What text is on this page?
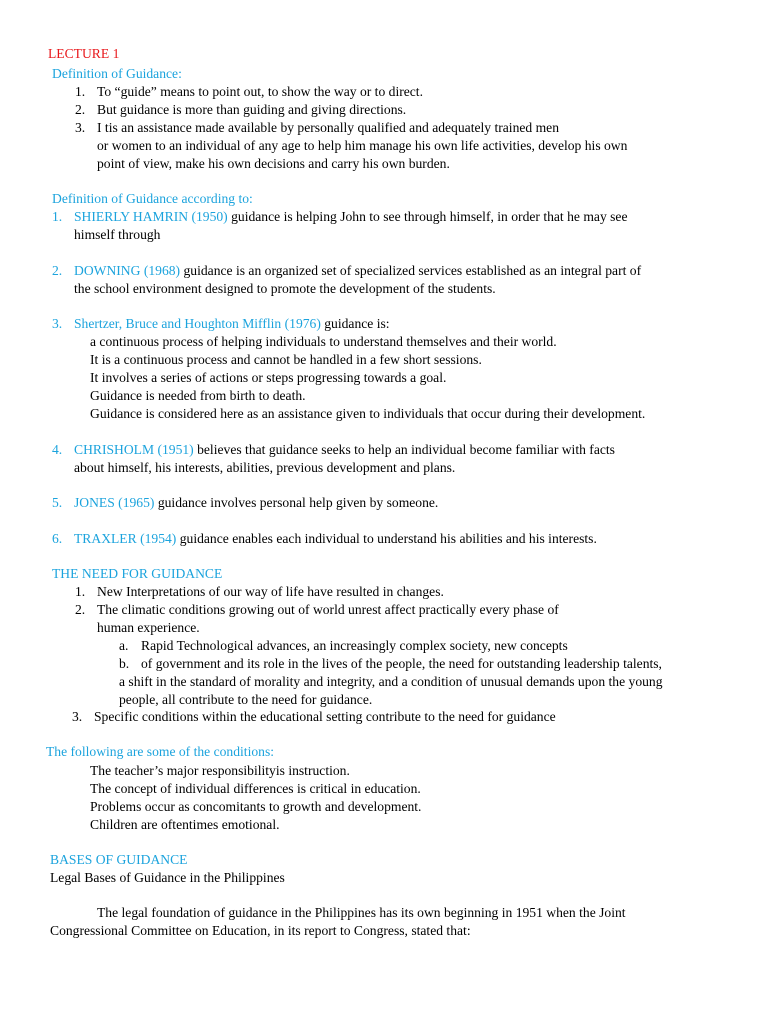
LECTURE 1
Definition of Guidance:
1. To “guide” means to point out, to show the way or to direct.
2. But guidance is more than guiding and giving directions.
3. I tis an assistance made available by personally qualified and adequately trained men
or women to an individual of any age to help him manage his own life activities, develop his own
point of view, make his own decisions and carry his own burden.
Definition of Guidance according to:
1. SHIERLY HAMRIN (1950) guidance is helping John to see through himself, in order that he may see
himself through
2. DOWNING (1968) guidance is an organized set of specialized services established as an integral part of
the school environment designed to promote the development of the students.
3. Shertzer, Bruce and Houghton Mifflin (1976) guidance is:
a continuous process of helping individuals to understand themselves and their world.
It is a continuous process and cannot be handled in a few short sessions.
It involves a series of actions or steps progressing towards a goal.
Guidance is needed from birth to death.
Guidance is considered here as an assistance given to individuals that occur during their development.
4. CHRISHOLM (1951) believes that guidance seeks to help an individual become familiar with facts
about himself, his interests, abilities, previous development and plans.
5. JONES (1965) guidance involves personal help given by someone.
6. TRAXLER (1954) guidance enables each individual to understand his abilities and his interests.
THE NEED FOR GUIDANCE
1. New Interpretations of our way of life have resulted in changes.
2. The climatic conditions growing out of world unrest affect practically every phase of
human experience.
a. Rapid Technological advances, an increasingly complex society, new concepts
b. of government and its role in the lives of the people, the need for outstanding leadership talents,
a shift in the standard of morality and integrity, and a condition of unusual demands upon the young
people, all contribute to the need for guidance.
3. Specific conditions within the educational setting contribute to the need for guidance
The following are some of the conditions:
The teacher’s major responsibilityis instruction.
The concept of individual differences is critical in education.
Problems occur as concomitants to growth and development.
Children are oftentimes emotional.
BASES OF GUIDANCE
Legal Bases of Guidance in the Philippines
The legal foundation of guidance in the Philippines has its own beginning in 1951 when the Joint
Congressional Committee on Education, in its report to Congress, stated that:
